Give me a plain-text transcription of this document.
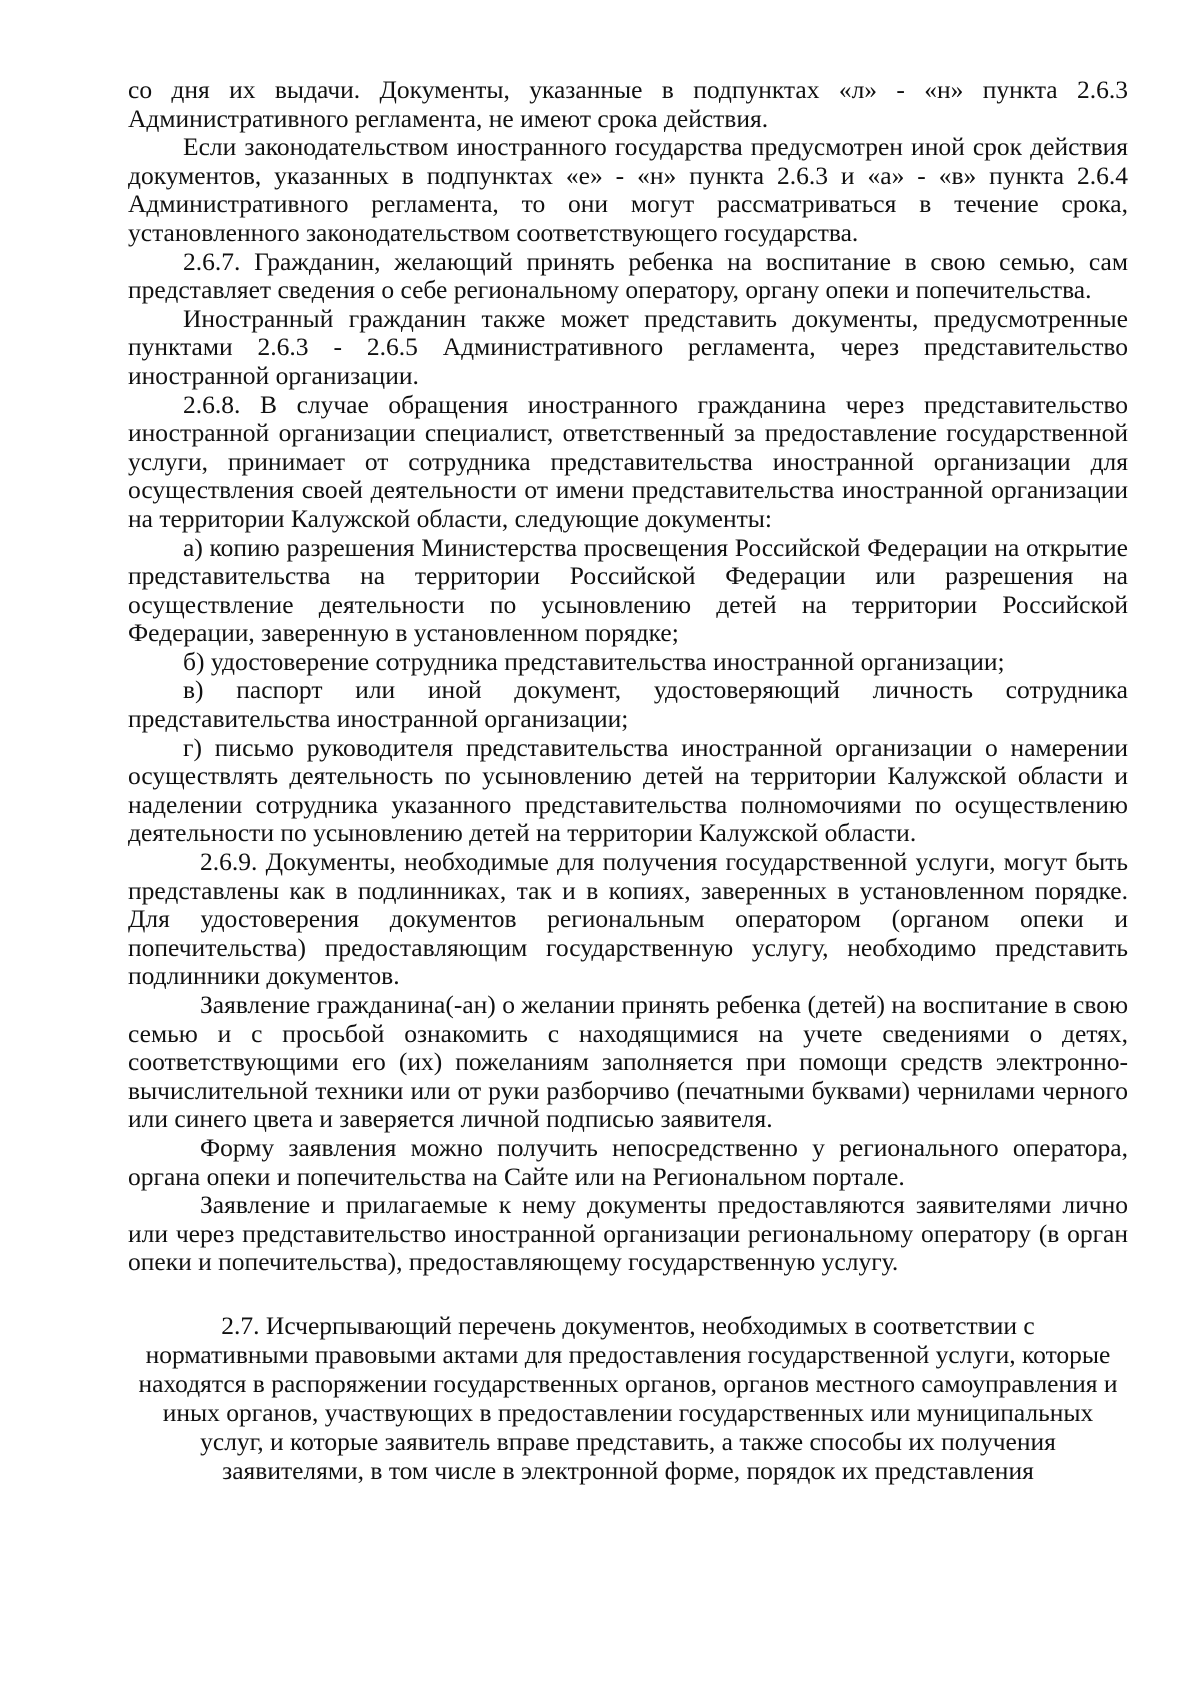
со дня их выдачи. Документы, указанные в подпунктах «л» - «н» пункта 2.6.3 Административного регламента, не имеют срока действия.

Если законодательством иностранного государства предусмотрен иной срок действия документов, указанных в подпунктах «е» - «н» пункта 2.6.3 и «а» - «в» пункта 2.6.4 Административного регламента, то они могут рассматриваться в течение срока, установленного законодательством соответствующего государства.

2.6.7. Гражданин, желающий принять ребенка на воспитание в свою семью, сам представляет сведения о себе региональному оператору, органу опеки и попечительства.

Иностранный гражданин также может представить документы, предусмотренные пунктами 2.6.3 - 2.6.5 Административного регламента, через представительство иностранной организации.

2.6.8. В случае обращения иностранного гражданина через представительство иностранной организации специалист, ответственный за предоставление государственной услуги, принимает от сотрудника представительства иностранной организации для осуществления своей деятельности от имени представительства иностранной организации на территории Калужской области, следующие документы:

а) копию разрешения Министерства просвещения Российской Федерации на открытие представительства на территории Российской Федерации или разрешения на осуществление деятельности по усыновлению детей на территории Российской Федерации, заверенную в установленном порядке;

б) удостоверение сотрудника представительства иностранной организации;

в) паспорт или иной документ, удостоверяющий личность сотрудника представительства иностранной организации;

г) письмо руководителя представительства иностранной организации о намерении осуществлять деятельность по усыновлению детей на территории Калужской области и наделении сотрудника указанного представительства полномочиями по осуществлению деятельности по усыновлению детей на территории Калужской области.

2.6.9. Документы, необходимые для получения государственной услуги, могут быть представлены как в подлинниках, так и в копиях, заверенных в установленном порядке. Для удостоверения документов региональным оператором (органом опеки и попечительства) предоставляющим государственную услугу, необходимо представить подлинники документов.

Заявление гражданина(-ан) о желании принять ребенка (детей) на воспитание в свою семью и с просьбой ознакомить с находящимися на учете сведениями о детях, соответствующими его (их) пожеланиям заполняется при помощи средств электронно-вычислительной техники или от руки разборчиво (печатными буквами) чернилами черного или синего цвета и заверяется личной подписью заявителя.

Форму заявления можно получить непосредственно у регионального оператора, органа опеки и попечительства на Сайте или на Региональном портале.

Заявление и прилагаемые к нему документы предоставляются заявителями лично или через представительство иностранной организации региональному оператору (в орган опеки и попечительства), предоставляющему государственную услугу.

2.7. Исчерпывающий перечень документов, необходимых в соответствии с нормативными правовыми актами для предоставления государственной услуги, которые находятся в распоряжении государственных органов, органов местного самоуправления и иных органов, участвующих в предоставлении государственных или муниципальных услуг, и которые заявитель вправе представить, а также способы их получения заявителями, в том числе в электронной форме, порядок их представления
